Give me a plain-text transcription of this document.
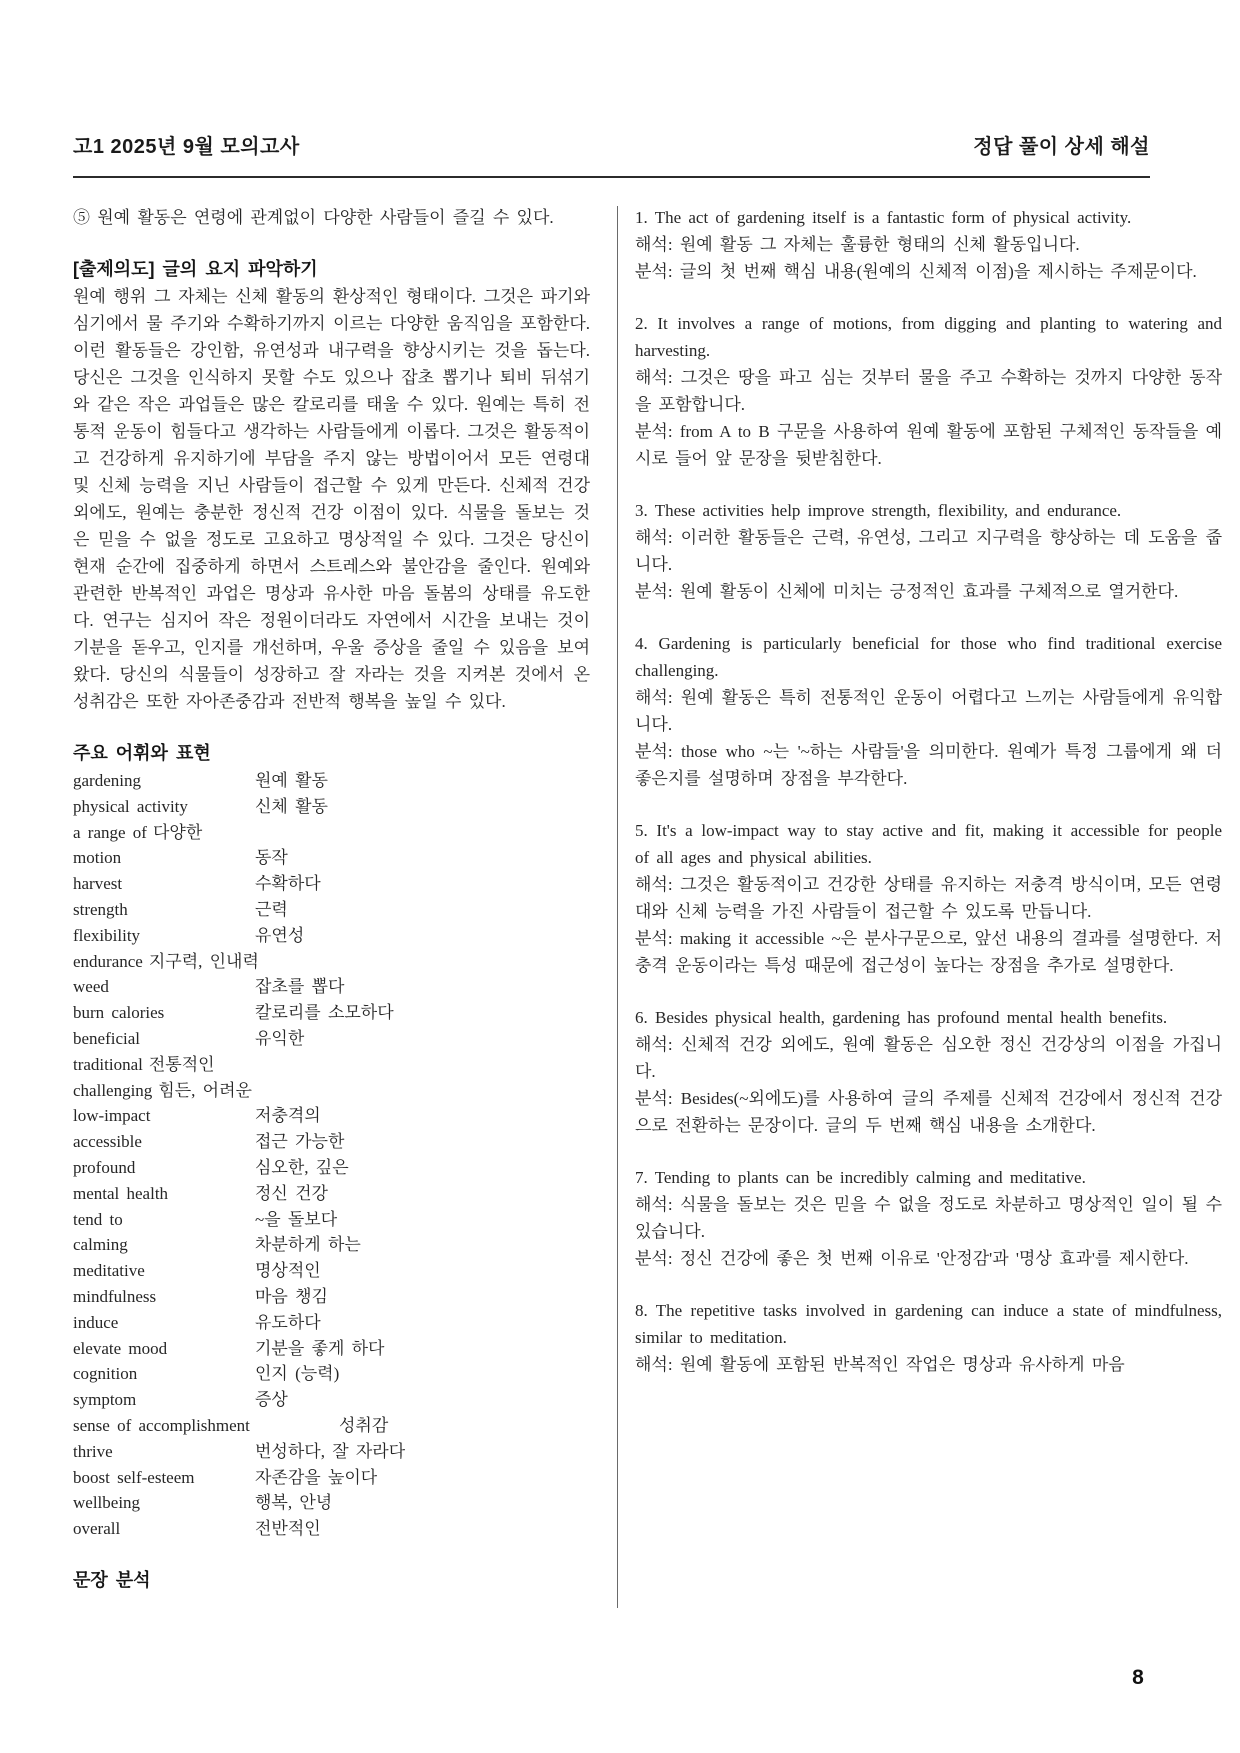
고1 2025년 9월 모의고사	정답 풀이 상세 해설

⑤ 원예 활동은 연령에 관계없이 다양한 사람들이 즐길 수 있다.

[출제의도] 글의 요지 파악하기

원예 행위 그 자체는 신체 활동의 환상적인 형태이다. 그것은 파기와 심기에서 물 주기와 수확하기까지 이르는 다양한 움직임을 포함한다. 이런 활동들은 강인함, 유연성과 내구력을 향상시키는 것을 돕는다. 당신은 그것을 인식하지 못할 수도 있으나 잡초 뽑기나 퇴비 뒤섞기와 같은 작은 과업들은 많은 칼로리를 태울 수 있다. 원예는 특히 전통적 운동이 힘들다고 생각하는 사람들에게 이롭다. 그것은 활동적이고 건강하게 유지하기에 부담을 주지 않는 방법이어서 모든 연령대 및 신체 능력을 지닌 사람들이 접근할 수 있게 만든다. 신체적 건강 외에도, 원예는 충분한 정신적 건강 이점이 있다. 식물을 돌보는 것은 믿을 수 없을 정도로 고요하고 명상적일 수 있다. 그것은 당신이 현재 순간에 집중하게 하면서 스트레스와 불안감을 줄인다. 원예와 관련한 반복적인 과업은 명상과 유사한 마음 돌봄의 상태를 유도한다. 연구는 심지어 작은 정원이더라도 자연에서 시간을 보내는 것이 기분을 돋우고, 인지를 개선하며, 우울 증상을 줄일 수 있음을 보여왔다. 당신의 식물들이 성장하고 잘 자라는 것을 지켜본 것에서 온 성취감은 또한 자아존중감과 전반적 행복을 높일 수 있다.

주요 어휘와 표현

gardening	원예 활동
physical activity	신체 활동
a range of 다양한
motion	동작
harvest	수확하다
strength	근력
flexibility	유연성
endurance 지구력, 인내력
weed	잡초를 뽑다
burn calories	칼로리를 소모하다
beneficial	유익한
traditional 전통적인
challenging 힘든, 어려운
low-impact	저충격의
accessible	접근 가능한
profound	심오한, 깊은
mental health	정신 건강
tend to	~을 돌보다
calming	차분하게 하는
meditative	명상적인
mindfulness	마음 챙김
induce	유도하다
elevate mood	기분을 좋게 하다
cognition	인지 (능력)
symptom	증상
sense of accomplishment	성취감
thrive	번성하다, 잘 자라다
boost self-esteem	자존감을 높이다
wellbeing	행복, 안녕
overall	전반적인

문장 분석

1. The act of gardening itself is a fantastic form of physical activity.

해석: 원예 활동 그 자체는 훌륭한 형태의 신체 활동입니다.

분석: 글의 첫 번째 핵심 내용(원예의 신체적 이점)을 제시하는 주제문이다.

2. It involves a range of motions, from digging and planting to watering and harvesting.

해석: 그것은 땅을 파고 심는 것부터 물을 주고 수확하는 것까지 다양한 동작을 포함합니다.

분석: from A to B 구문을 사용하여 원예 활동에 포함된 구체적인 동작들을 예시로 들어 앞 문장을 뒷받침한다.

3. These activities help improve strength, flexibility, and endurance.

해석: 이러한 활동들은 근력, 유연성, 그리고 지구력을 향상하는 데 도움을 줍니다.

분석: 원예 활동이 신체에 미치는 긍정적인 효과를 구체적으로 열거한다.

4. Gardening is particularly beneficial for those who find traditional exercise challenging.

해석: 원예 활동은 특히 전통적인 운동이 어렵다고 느끼는 사람들에게 유익합니다.

분석: those who ~는 '~하는 사람들'을 의미한다. 원예가 특정 그룹에게 왜 더 좋은지를 설명하며 장점을 부각한다.

5. It's a low-impact way to stay active and fit, making it accessible for people of all ages and physical abilities.

해석: 그것은 활동적이고 건강한 상태를 유지하는 저충격 방식이며, 모든 연령대와 신체 능력을 가진 사람들이 접근할 수 있도록 만듭니다.

분석: making it accessible ~은 분사구문으로, 앞선 내용의 결과를 설명한다. 저충격 운동이라는 특성 때문에 접근성이 높다는 장점을 추가로 설명한다.

6. Besides physical health, gardening has profound mental health benefits.

해석: 신체적 건강 외에도, 원예 활동은 심오한 정신 건강상의 이점을 가집니다.

분석: Besides(~외에도)를 사용하여 글의 주제를 신체적 건강에서 정신적 건강으로 전환하는 문장이다. 글의 두 번째 핵심 내용을 소개한다.

7. Tending to plants can be incredibly calming and meditative.

해석: 식물을 돌보는 것은 믿을 수 없을 정도로 차분하고 명상적인 일이 될 수 있습니다.

분석: 정신 건강에 좋은 첫 번째 이유로 '안정감'과 '명상 효과'를 제시한다.

8. The repetitive tasks involved in gardening can induce a state of mindfulness, similar to meditation.

해석: 원예 활동에 포함된 반복적인 작업은 명상과 유사하게 마음

8
